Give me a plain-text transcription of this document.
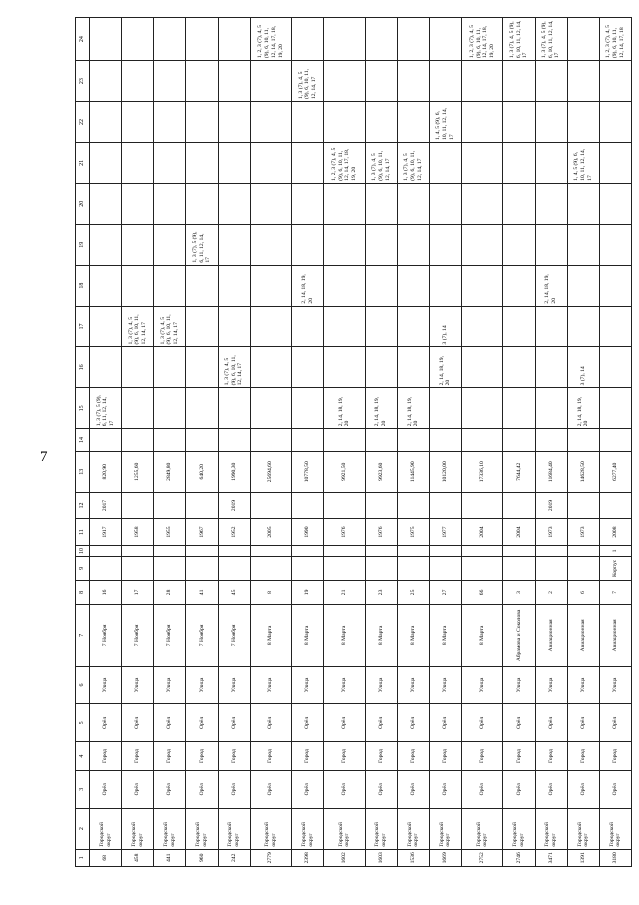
7
1	2	3	4	5	6	7	8	9	10	11	12	13	14	15	16	17	18	19	20	21	22	23	24
68	Городской округ	Орёл	Город	Орёл	Улица	7 Ноября	16			1917	2017	820,90		1, 3 (7), 5 (9), 6, 11, 12, 14, 17									
458	Городской округ	Орёл	Город	Орёл	Улица	7 Ноября	17			1958		1255,60				1, 3 (7), 4, 5 (9), 6, 10, 11, 12, 14, 17							
441	Городской округ	Орёл	Город	Орёл	Улица	7 Ноября	28			1955		2849,80				1, 3 (7), 4, 5 (9), 6, 10, 11, 12, 14, 17							
960	Городской округ	Орёл	Город	Орёл	Улица	7 Ноября	41			1967		640,20						1, 3 (7), 5 (9), 6, 11, 12, 14, 17					
242	Городской округ	Орёл	Город	Орёл	Улица	7 Ноября	45			1952	2019	1990,30			1, 3 (7), 4, 5 (9), 6, 10, 11, 12, 14, 17								
2779	Городской округ	Орёл	Город	Орёл	Улица	8 Марта	8			2005		25694,60											1, 2, 3 (7), 4, 5 (9), 6, 10, 11, 12, 14, 17, 18, 19, 20
2398	Городской округ	Орёл	Город	Орёл	Улица	8 Марта	19			1990		10778,50					2, 14, 18, 19, 20					1, 3 (7), 4, 5 (9), 6, 10, 11, 12, 14, 17	
1602	Городской округ	Орёл	Город	Орёл	Улица	8 Марта	21			1976		9921,50		2, 14, 18, 19, 20						1, 2, 3 (7), 4, 5 (9), 6, 10, 11, 12, 14, 17, 18, 19, 20			
1603	Городской округ	Орёл	Город	Орёл	Улица	8 Марта	23			1976		9923,60		2, 14, 18, 19, 20						1, 3 (7), 4, 5 (9), 6, 10, 11, 12, 14, 17			
1536	Городской округ	Орёл	Город	Орёл	Улица	8 Марта	25			1975		11445,90		2, 14, 18, 19, 20						1, 3 (7), 4, 5 (9), 6, 10, 11, 12, 14, 17			
1669	Городской округ	Орёл	Город	Орёл	Улица	8 Марта	27			1977		10120,00			2, 14, 18, 19, 20	3 (7), 14					1, 4, 5 (9), 6, 10, 11, 12, 14, 17		
2752	Городской округ	Орёл	Город	Орёл	Улица	8 Марта	66			2004		17336,10											1, 2, 3 (7), 4, 5 (9), 6, 10, 11, 12, 14, 17, 18, 19, 20
2746	Городской округ	Орёл	Город	Орёл	Улица	Абрамова и Соколова	3			2004		7644,42											1, 3 (7), 4, 5 (9), 6, 10, 11, 12, 14, 17
3471	Городской округ	Орёл	Город	Орёл	Улица	Авиационная	2			1973	2019	11684,40					2, 14, 18, 19, 20						1, 3 (7), 4, 5 (9), 6, 10, 11, 12, 14, 17
1391	Городской округ	Орёл	Город	Орёл	Улица	Авиационная	6			1973		14628,50		2, 14, 18, 19, 20	3 (7), 14					1, 4, 5 (9), 6, 10, 11, 12, 14, 17			
3180	Городской округ	Орёл	Город	Орёл	Улица	Авиационная	7	Корпус	1	2008		6277,40											1, 2, 3 (7), 4, 5 (9), 6, 10, 11, 12, 14, 17, 18
